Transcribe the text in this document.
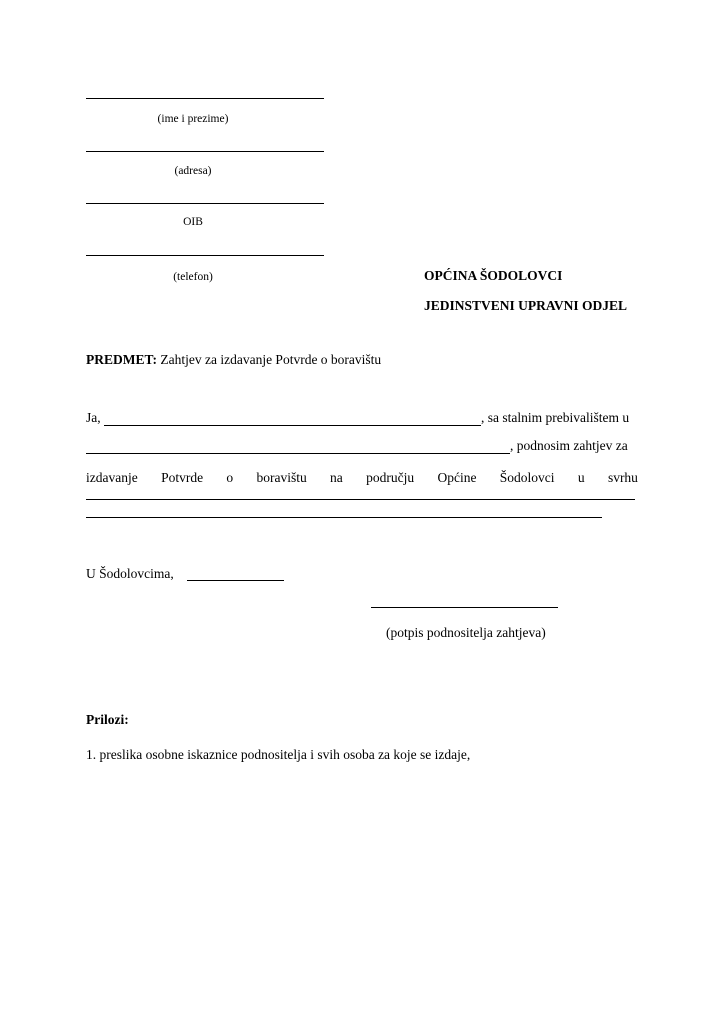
(ime i prezime)
(adresa)
OIB
(telefon)	OPĆINA ŠODOLOVCI
JEDINSTVENI UPRAVNI ODJEL
PREDMET: Zahtjev za izdavanje Potvrde o boravištu
Ja,	, sa stalnim prebivalištem u
, podnosim zahtjev za
izdavanje Potvrde o boravištu na području Općine Šodolovci u svrhu
U Šodolovcima,
(potpis podnositelja zahtjeva)
Prilozi:
1. preslika osobne iskaznice podnositelja i svih osoba za koje se izdaje,
